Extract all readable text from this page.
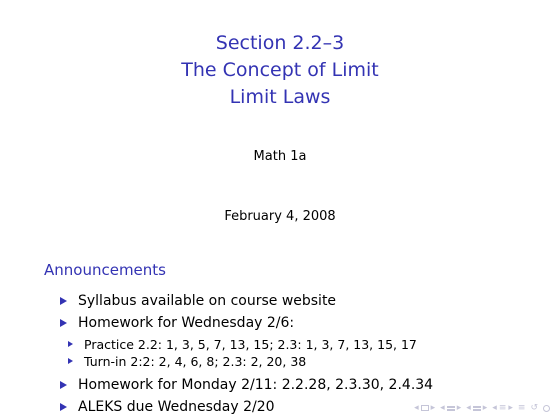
Section 2.2–3
The Concept of Limit
Limit Laws
Math 1a
February 4, 2008
Announcements
Syllabus available on course website
Homework for Wednesday 2/6:
Practice 2.2: 1, 3, 5, 7, 13, 15; 2.3: 1, 3, 7, 13, 15, 17
Turn-in 2:2: 2, 4, 6, 8; 2.3: 2, 20, 38
Homework for Monday 2/11: 2.2.28, 2.3.30, 2.4.34
ALEKS due Wednesday 2/20	◂ ▸ ◂ ▸ ◂ ▸ ◂ ≡ ▸ ≡ ↺
